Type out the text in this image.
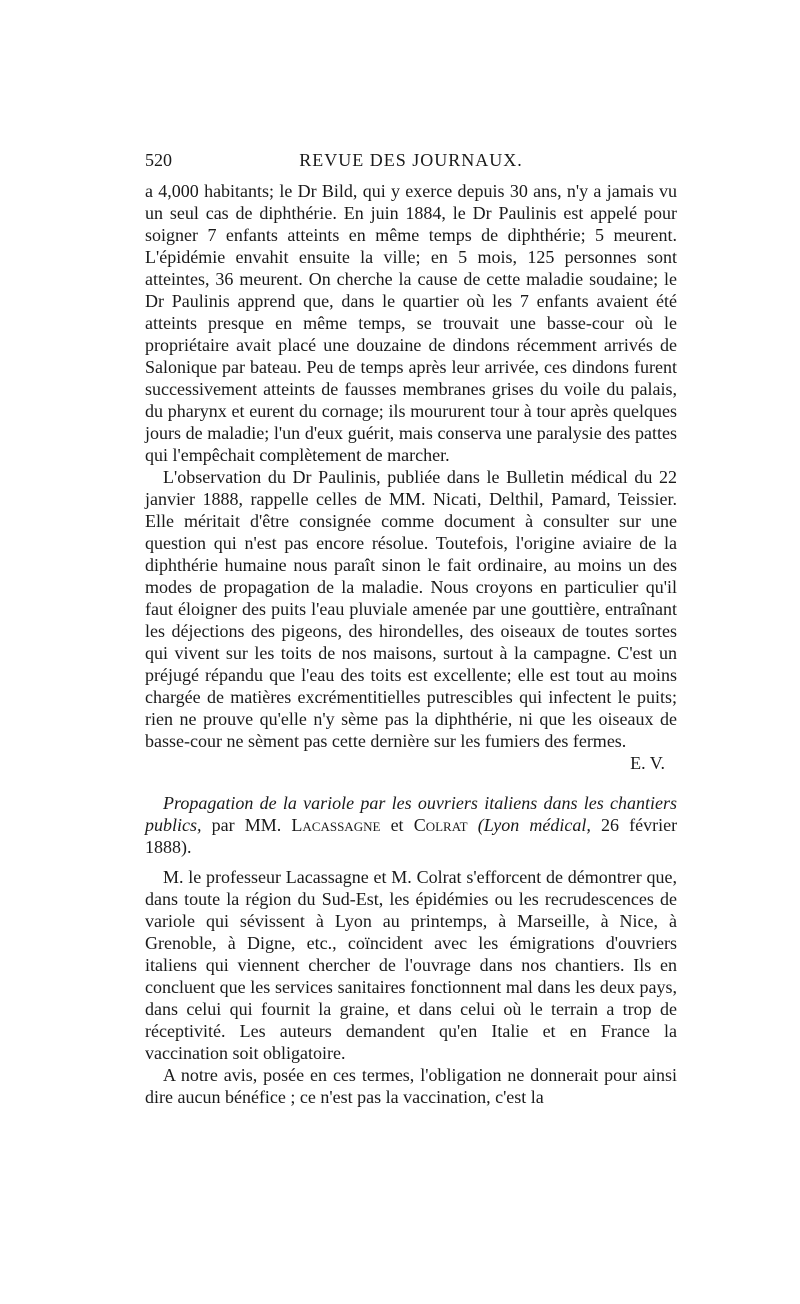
520	REVUE DES JOURNAUX.

a 4,000 habitants; le Dr Bild, qui y exerce depuis 30 ans, n'y a jamais vu un seul cas de diphthérie. En juin 1884, le Dr Paulinis est appelé pour soigner 7 enfants atteints en même temps de diphthérie; 5 meurent. L'épidémie envahit ensuite la ville; en 5 mois, 125 personnes sont atteintes, 36 meurent. On cherche la cause de cette maladie soudaine; le Dr Paulinis apprend que, dans le quartier où les 7 enfants avaient été atteints presque en même temps, se trouvait une basse-cour où le propriétaire avait placé une douzaine de dindons récemment arrivés de Salonique par bateau. Peu de temps après leur arrivée, ces dindons furent successivement atteints de fausses membranes grises du voile du palais, du pharynx et eurent du cornage; ils moururent tour à tour après quelques jours de maladie; l'un d'eux guérit, mais conserva une paralysie des pattes qui l'empêchait complètement de marcher.

L'observation du Dr Paulinis, publiée dans le Bulletin médical du 22 janvier 1888, rappelle celles de MM. Nicati, Delthil, Pamard, Teissier. Elle méritait d'être consignée comme document à consulter sur une question qui n'est pas encore résolue. Toutefois, l'origine aviaire de la diphthérie humaine nous paraît sinon le fait ordinaire, au moins un des modes de propagation de la maladie. Nous croyons en particulier qu'il faut éloigner des puits l'eau pluviale amenée par une gouttière, entraînant les déjections des pigeons, des hirondelles, des oiseaux de toutes sortes qui vivent sur les toits de nos maisons, surtout à la campagne. C'est un préjugé répandu que l'eau des toits est excellente; elle est tout au moins chargée de matières excrémentitielles putrescibles qui infectent le puits; rien ne prouve qu'elle n'y sème pas la diphthérie, ni que les oiseaux de basse-cour ne sèment pas cette dernière sur les fumiers des fermes.
E. V.

Propagation de la variole par les ouvriers italiens dans les chantiers publics, par MM. Lacassagne et Colrat (Lyon médical, 26 février 1888).

M. le professeur Lacassagne et M. Colrat s'efforcent de démontrer que, dans toute la région du Sud-Est, les épidémies ou les recrudescences de variole qui sévissent à Lyon au printemps, à Marseille, à Nice, à Grenoble, à Digne, etc., coïncident avec les émigrations d'ouvriers italiens qui viennent chercher de l'ouvrage dans nos chantiers. Ils en concluent que les services sanitaires fonctionnent mal dans les deux pays, dans celui qui fournit la graine, et dans celui où le terrain a trop de réceptivité. Les auteurs demandent qu'en Italie et en France la vaccination soit obligatoire.

A notre avis, posée en ces termes, l'obligation ne donnerait pour ainsi dire aucun bénéfice ; ce n'est pas la vaccination, c'est la
